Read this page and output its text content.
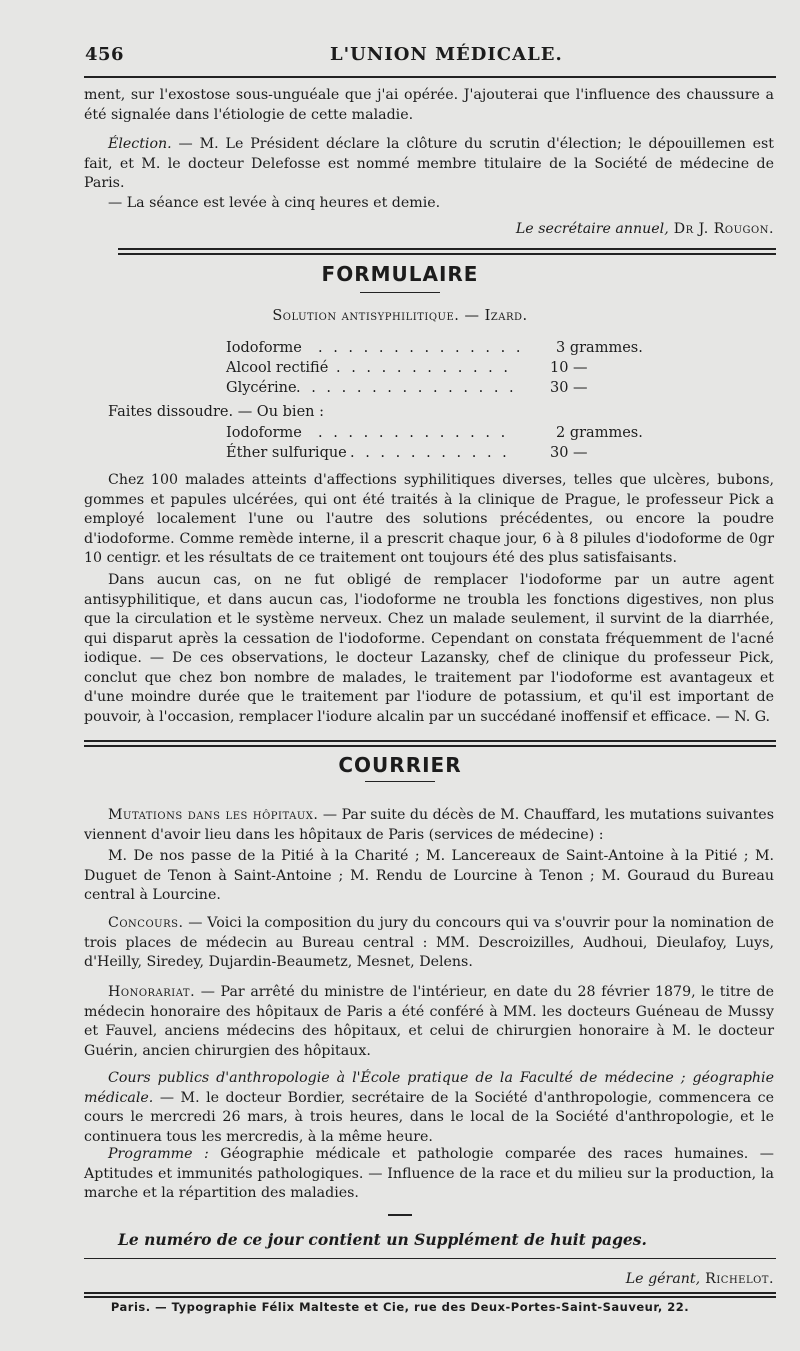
456	L'UNION MÉDICALE.
ment, sur l'exostose sous-unguéale que j'ai opérée. J'ajouterai que l'influence des chaussure a été signalée dans l'étiologie de cette maladie.
Élection. — M. Le Président déclare la clôture du scrutin d'élection; le dépouillemen est fait, et M. le docteur Delefosse est nommé membre titulaire de la Société de médecine de Paris.
— La séance est levée à cinq heures et demie.
Le secrétaire annuel, Dr J. Rougon.
FORMULAIRE
Solution antisyphilitique. — Izard.
Iodoforme . . . . . . . . . . . . . . 3 grammes.
Alcool rectifié . . . . . . . . . . . .	10 —
Glycérine . . . . . . . . . . . . . . . 30 —
Faites dissoudre. — Ou bien :
Iodoforme . . . . . . . . . . . . .	2 grammes.
Éther sulfurique . . . . . . . . . . .	30 —
Chez 100 malades atteints d'affections syphilitiques diverses, telles que ulcères, bubons, gommes et papules ulcérées, qui ont été traités à la clinique de Prague, le professeur Pick a employé localement l'une ou l'autre des solutions précédentes, ou encore la poudre d'iodoforme. Comme remède interne, il a prescrit chaque jour, 6 à 8 pilules d'iodoforme de 0gr 10 centigr. et les résultats de ce traitement ont toujours été des plus satisfaisants.
Dans aucun cas, on ne fut obligé de remplacer l'iodoforme par un autre agent antisyphilitique, et dans aucun cas, l'iodoforme ne troubla les fonctions digestives, non plus que la circulation et le système nerveux. Chez un malade seulement, il survint de la diarrhée, qui disparut après la cessation de l'iodoforme. Cependant on constata fréquemment de l'acné iodique. — De ces observations, le docteur Lazansky, chef de clinique du professeur Pick, conclut que chez bon nombre de malades, le traitement par l'iodoforme est avantageux et d'une moindre durée que le traitement par l'iodure de potassium, et qu'il est important de pouvoir, à l'occasion, remplacer l'iodure alcalin par un succédané inoffensif et efficace. — N. G.
COURRIER
Mutations dans les hôpitaux. — Par suite du décès de M. Chauffard, les mutations suivantes viennent d'avoir lieu dans les hôpitaux de Paris (services de médecine) :
M. De nos passe de la Pitié à la Charité ; M. Lancereaux de Saint-Antoine à la Pitié ; M. Duguet de Tenon à Saint-Antoine ; M. Rendu de Lourcine à Tenon ; M. Gouraud du Bureau central à Lourcine.
Concours. — Voici la composition du jury du concours qui va s'ouvrir pour la nomination de trois places de médecin au Bureau central : MM. Descroizilles, Audhoui, Dieulafoy, Luys, d'Heilly, Siredey, Dujardin-Beaumetz, Mesnet, Delens.
Honorariat. — Par arrêté du ministre de l'intérieur, en date du 28 février 1879, le titre de médecin honoraire des hôpitaux de Paris a été conféré à MM. les docteurs Guéneau de Mussy et Fauvel, anciens médecins des hôpitaux, et celui de chirurgien honoraire à M. le docteur Guérin, ancien chirurgien des hôpitaux.
Cours publics d'anthropologie à l'École pratique de la Faculté de médecine ; géographie médicale. — M. le docteur Bordier, secrétaire de la Société d'anthropologie, commencera ce cours le mercredi 26 mars, à trois heures, dans le local de la Société d'anthropologie, et le continuera tous les mercredis, à la même heure.
Programme : Géographie médicale et pathologie comparée des races humaines. — Aptitudes et immunités pathologiques. — Influence de la race et du milieu sur la production, la marche et la répartition des maladies.
Le numéro de ce jour contient un Supplément de huit pages.
Le gérant, Richelot.
Paris. — Typographie Félix Malteste et Cie, rue des Deux-Portes-Saint-Sauveur, 22.
